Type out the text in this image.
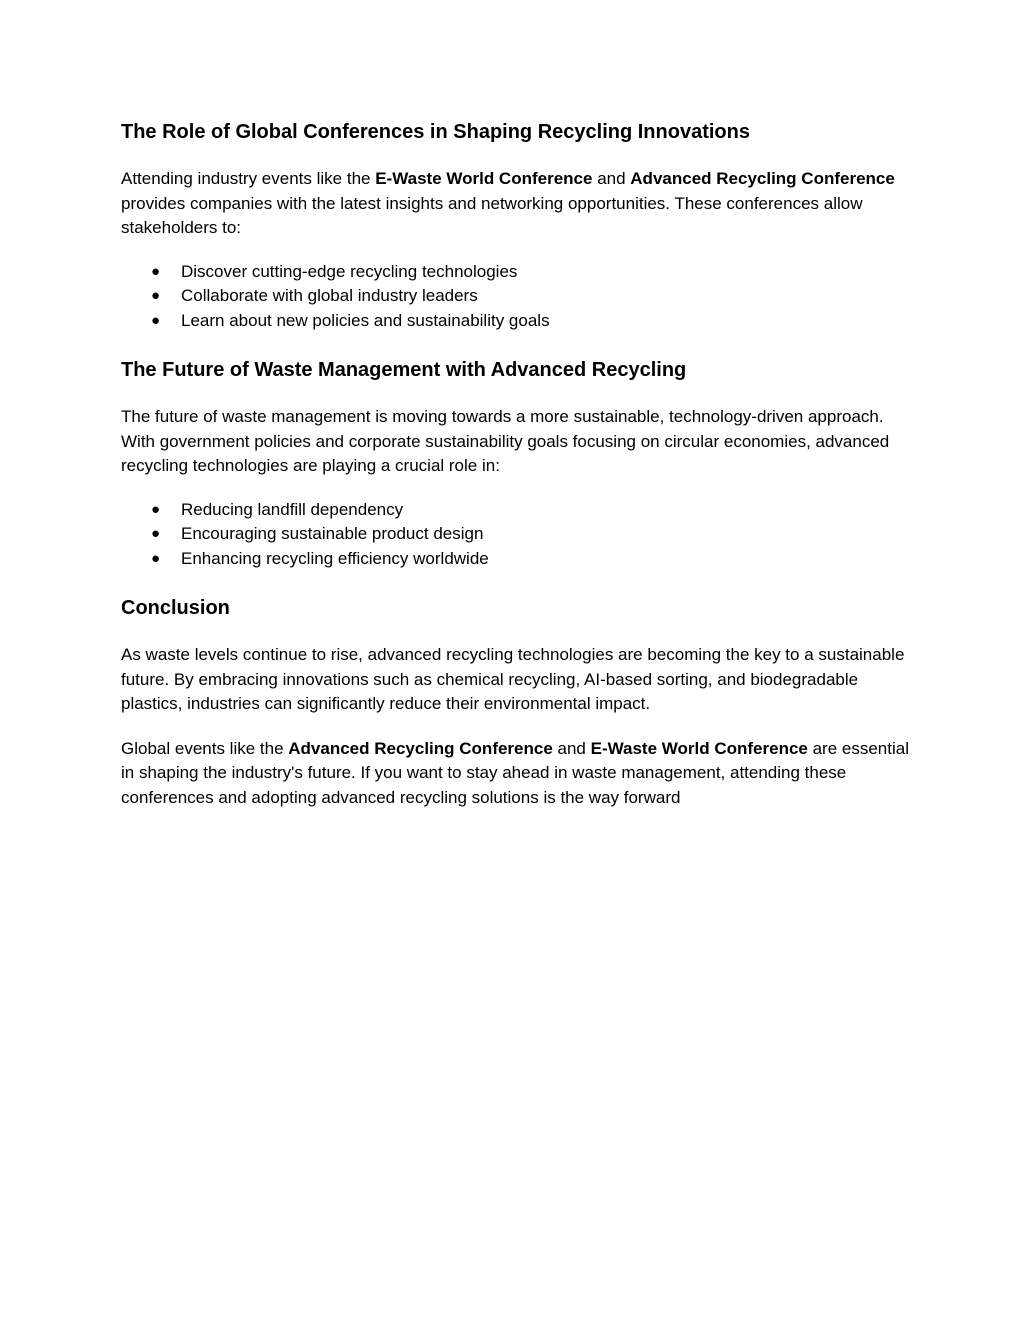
The Role of Global Conferences in Shaping Recycling Innovations

Attending industry events like the E-Waste World Conference and Advanced Recycling Conference provides companies with the latest insights and networking opportunities. These conferences allow stakeholders to:

● Discover cutting-edge recycling technologies
● Collaborate with global industry leaders
● Learn about new policies and sustainability goals
The Future of Waste Management with Advanced Recycling

The future of waste management is moving towards a more sustainable, technology-driven approach. With government policies and corporate sustainability goals focusing on circular economies, advanced recycling technologies are playing a crucial role in:

● Reducing landfill dependency
● Encouraging sustainable product design
● Enhancing recycling efficiency worldwide
Conclusion

As waste levels continue to rise, advanced recycling technologies are becoming the key to a sustainable future. By embracing innovations such as chemical recycling, AI-based sorting, and biodegradable plastics, industries can significantly reduce their environmental impact.

Global events like the Advanced Recycling Conference and E-Waste World Conference are essential in shaping the industry's future. If you want to stay ahead in waste management, attending these conferences and adopting advanced recycling solutions is the way forward
